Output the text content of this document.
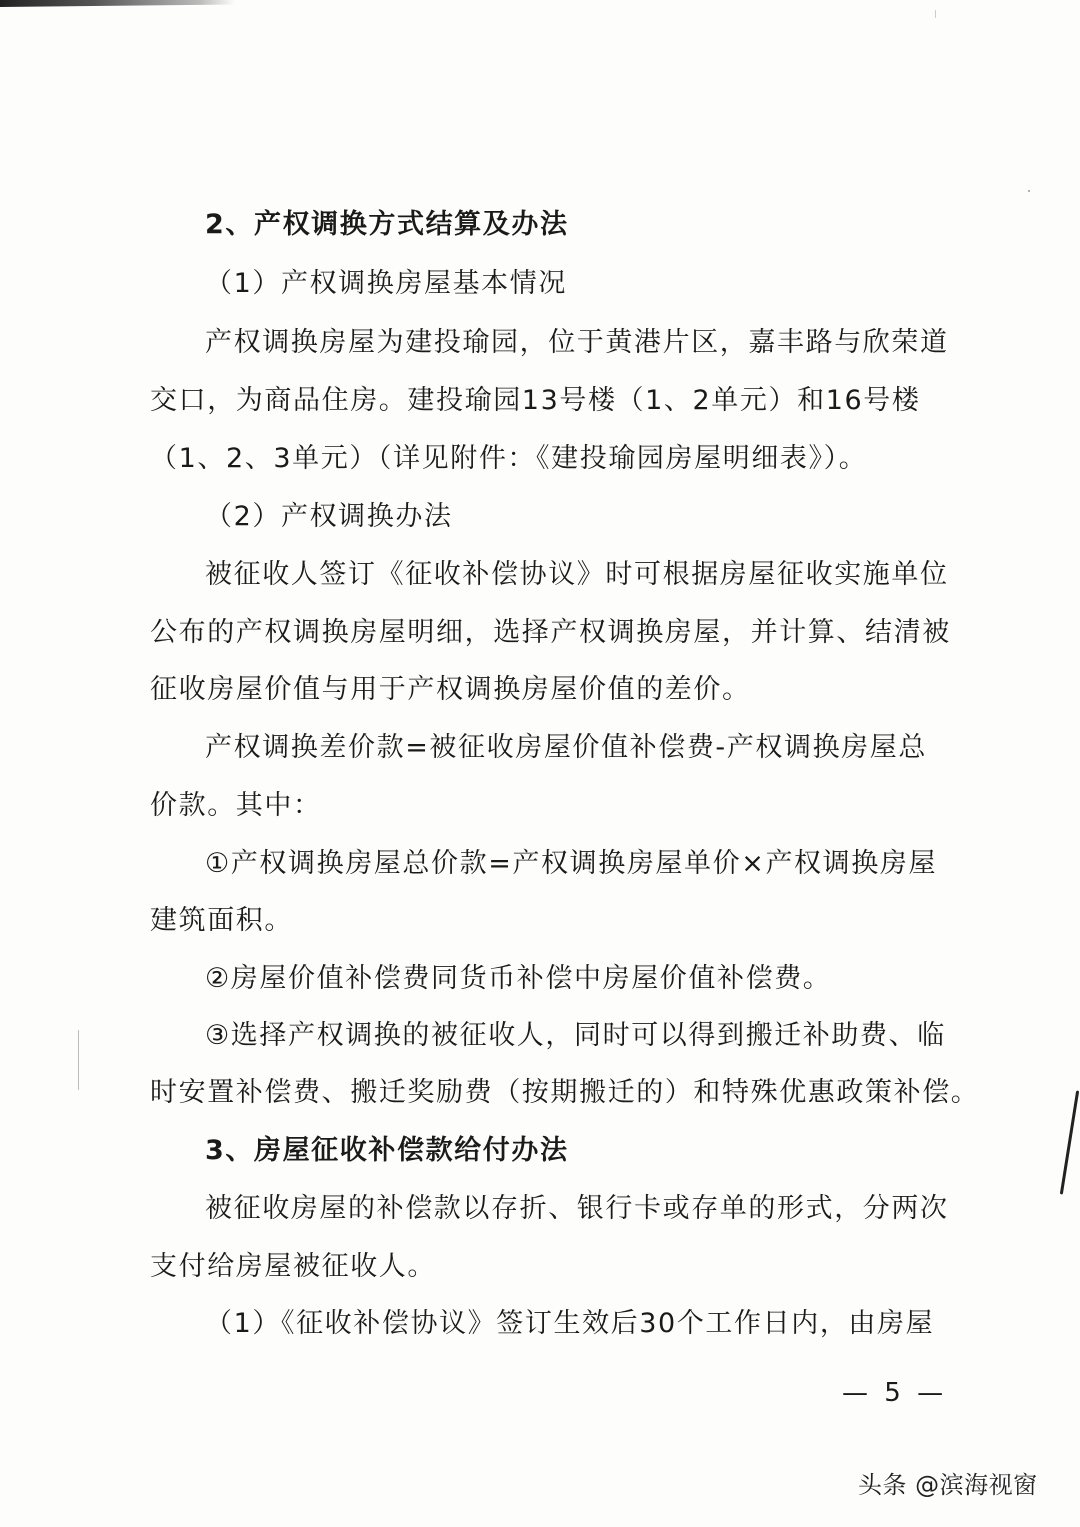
2、产权调换方式结算及办法
（1）产权调换房屋基本情况
产权调换房屋为建投瑜园，位于黄港片区，嘉丰路与欣荣道
交口，为商品住房。建投瑜园13号楼（1、2单元）和16号楼
（1、2、3单元）（详见附件：《建投瑜园房屋明细表》）。
（2）产权调换办法
被征收人签订《征收补偿协议》时可根据房屋征收实施单位
公布的产权调换房屋明细，选择产权调换房屋，并计算、结清被
征收房屋价值与用于产权调换房屋价值的差价。
产权调换差价款=被征收房屋价值补偿费-产权调换房屋总
价款。其中：
①产权调换房屋总价款=产权调换房屋单价×产权调换房屋
建筑面积。
②房屋价值补偿费同货币补偿中房屋价值补偿费。
③选择产权调换的被征收人，同时可以得到搬迁补助费、临
时安置补偿费、搬迁奖励费（按期搬迁的）和特殊优惠政策补偿。
3、房屋征收补偿款给付办法
被征收房屋的补偿款以存折、银行卡或存单的形式，分两次
支付给房屋被征收人。
（1）《征收补偿协议》签订生效后30个工作日内，由房屋
— 5 —
头条 @滨海视窗
